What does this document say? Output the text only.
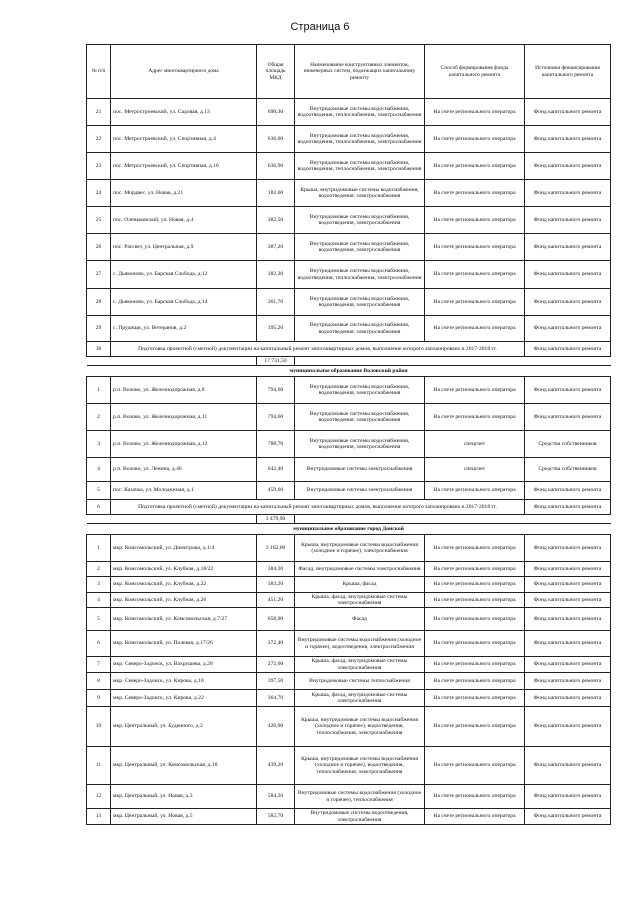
Страница 6
№ п/п	Адрес многоквартирного дома	Общая площадь МКД	Наименование конструктивных элементов, инженерных систем, подлежащих капитальному ремонту	Способ формирования фонда капитального ремонта	Источники финансирования капитального ремонта
21	пос. Метростроевский, ул. Садовая, д.13	690,30	Внутридомовые системы водоснабжения, водоотведения, теплоснабжения, электроснабжения	На счете регионального оператора	Фонд капитального ремонта
22	пос. Метростроевский, ул. Спортивная, д.4	636,60	Внутридомовые системы водоснабжения, водоотведения, теплоснабжения, электроснабжения	На счете регионального оператора	Фонд капитального ремонта
23	пос. Метростроевский, ул. Спортивная, д.10	636,90	Внутридомовые системы водоснабжения, водоотведения, теплоснабжения, электроснабжения	На счете регионального оператора	Фонд капитального ремонта
24	пос. Мордвес, ул. Новая, д.21	182,60	Крыша, внутридомовые системы водоснабжения, водоотведения, электроснабжения	На счете регионального оператора	Фонд капитального ремонта
25	пос. Оленьковский, ул. Новая, д.4	382,50	Внутридомовые системы водоснабжения, водоотведения, электроснабжения	На счете регионального оператора	Фонд капитального ремонта
26	пос. Рассвет, ул. Центральная, д.9	387,20	Внутридомовые системы водоснабжения, водоотведения, электроснабжения	На счете регионального оператора	Фонд капитального ремонта
27	с. Дьяконово, ул. Барская Слобода, д.12	382,30	Внутридомовые системы водоснабжения, водоотведения, теплоснабжения, электроснабжения	На счете регионального оператора	Фонд капитального ремонта
28	с. Дьяконово, ул. Барская Слобода, д.14	361,70	Внутридомовые системы водоснабжения, водоотведения, электроснабжения	На счете регионального оператора	Фонд капитального ремонта
29	с. Прудищи, ул. Ветеранов, д.2	395,20	Внутридомовые системы водоснабжения, водоотведения, электроснабжения	На счете регионального оператора	Фонд капитального ремонта
30	Подготовка проектной (сметной) документации на капитальный ремонт многоквартирных домов, выполнение которого запланировано в 2017-2018 гг.				Фонд капитального ремонта
		17 731,50			
муниципальное образование Воловский район					
1	р.п. Волово, ул. Железнодорожная, д.8	794,60	Внутридомовые системы водоснабжения, водоотведения, электроснабжения	На счете регионального оператора	Фонд капитального ремонта
2	р.п. Волово, ул. Железнодорожная, д.11	794,60	Внутридомовые системы водоснабжения, водоотведения, электроснабжения	На счете регионального оператора	Фонд капитального ремонта
3	р.п. Волово, ул. Железнодорожная, д.12	788,70	Внутридомовые системы водоснабжения, водоотведения, электроснабжения	спецсчет	Средства собственников
4	р.п. Волово, ул. Ленина, д.46	642,40	Внутридомовые системы электроснабжения	спецсчет	Средства собственников
5	пос. Казачка, ул. Молодежная, д.1	459,60	Внутридомовые системы электроснабжения	На счете регионального оператора	Фонд капитального ремонта
6	Подготовка проектной (сметной) документации на капитальный ремонт многоквартирных домов, выполнение которого запланировано в 2017-2018 гг.				Фонд капитального ремонта
		3 479,90			
муниципальное образование город Донской					
1	мкр. Комсомольский, ул. Димитрова, д.1/4	3 162,00	Крыша, внутридомовые системы водоснабжения (холодное и горячее), электроснабжения	На счете регионального оператора	Фонд капитального ремонта
2	мкр. Комсомольский, ул. Клубная, д.18/22	384,30	Фасад, внутридомовые системы электроснабжения	На счете регионального оператора	Фонд капитального ремонта
3	мкр. Комсомольский, ул. Клубная, д.22	383,20	Крыша, фасад	На счете регионального оператора	Фонд капитального ремонта
4	мкр. Комсомольский, ул. Клубная, д.26	451,20	Крыша, фасад, внутридомовые системы электроснабжения	На счете регионального оператора	Фонд капитального ремонта
5	мкр. Комсомольский, ул. Комсомольская, д.7/27	658,00	Фасад	На счете регионального оператора	Фонд капитального ремонта
6	мкр. Комсомольский, ул. Полевая, д.17/26	372,40	Внутридомовые системы водоснабжения (холодное и горячее), водоотведения, электроснабжения	На счете регионального оператора	Фонд капитального ремонта
7	мкр. Северо-Задонск, ул. Вахрушева, д.28	272,60	Крыша, фасад, внутридомовые системы электроснабжения	На счете регионального оператора	Фонд капитального ремонта
8	мкр. Северо-Задонск, ул. Кирова, д.18	397,50	Внутридомовые системы теплоснабжения	На счете регионального оператора	Фонд капитального ремонта
9	мкр. Северо-Задонск, ул. Кирова, д.22	364,70	Крыша, фасад, внутридомовые системы электроснабжения	На счете регионального оператора	Фонд капитального ремонта
10	мкр. Центральный, ул. Буденного, д.3	420,00	Крыша, внутридомовые системы водоснабжения (холодное и горячее), водоотведения, теплоснабжения, электроснабжения	На счете регионального оператора	Фонд капитального ремонта
11	мкр. Центральный, ул. Комсомольская, д.18	439,20	Крыша, внутридомовые системы водоснабжения (холодное и горячее), водоотведения, теплоснабжения, электроснабжения	На счете регионального оператора	Фонд капитального ремонта
12	мкр. Центральный, ул. Новая, д.3	584,20	Внутридомовые системы водоснабжения (холодное и горячее), теплоснабжения	На счете регионального оператора	Фонд капитального ремонта
13	мкр. Центральный, ул. Новая, д.5	582,70	Внутридомовые системы водоотведения, электроснабжения	На счете регионального оператора	Фонд капитального ремонта
